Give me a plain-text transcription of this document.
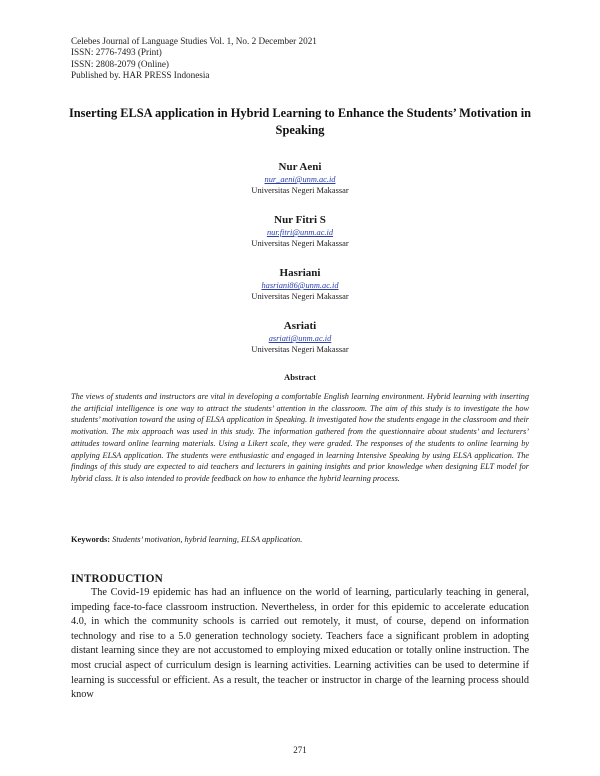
Celebes Journal of Language Studies Vol. 1, No. 2 December 2021
ISSN: 2776-7493 (Print)
ISSN: 2808-2079 (Online)
Published by. HAR PRESS Indonesia
Inserting ELSA application in Hybrid Learning to Enhance the Students’ Motivation in Speaking
Nur Aeni
nur_aeni@unm.ac.id
Universitas Negeri Makassar
Nur Fitri S
nur.fitri@unm.ac.id
Universitas Negeri Makassar
Hasriani
hasriani86@unm.ac.id
Universitas Negeri Makassar
Asriati
asriati@unm.ac.id
Universitas Negeri Makassar
Abstract
The views of students and instructors are vital in developing a comfortable English learning environment. Hybrid learning with inserting the artificial intelligence is one way to attract the students’ attention in the classroom. The aim of this study is to investigate the how students’ motivation toward the using of ELSA application in Speaking. It investigated how the students engage in the classroom and their motivation. The mix approach was used in this study. The information gathered from the questionnaire about students’ and lecturers’ attitudes toward online learning materials. Using a Likert scale, they were graded. The responses of the students to online learning by applying ELSA application. The students were enthusiastic and engaged in learning Intensive Speaking by using ELSA application. The findings of this study are expected to aid teachers and lecturers in gaining insights and prior knowledge when designing ELT model for hybrid class. It is also intended to provide feedback on how to enhance the hybrid learning process.
Keywords: Students’ motivation, hybrid learning, ELSA application.
INTRODUCTION
The Covid-19 epidemic has had an influence on the world of learning, particularly teaching in general, impeding face-to-face classroom instruction. Nevertheless, in order for this epidemic to accelerate education 4.0, in which the community schools is carried out remotely, it must, of course, depend on information technology and rise to a 5.0 generation technology society. Teachers face a significant problem in adopting distant learning since they are not accustomed to employing mixed education or totally online instruction. The most crucial aspect of curriculum design is learning activities. Learning activities can be used to determine if learning is successful or efficient. As a result, the teacher or instructor in charge of the learning process should know
271
